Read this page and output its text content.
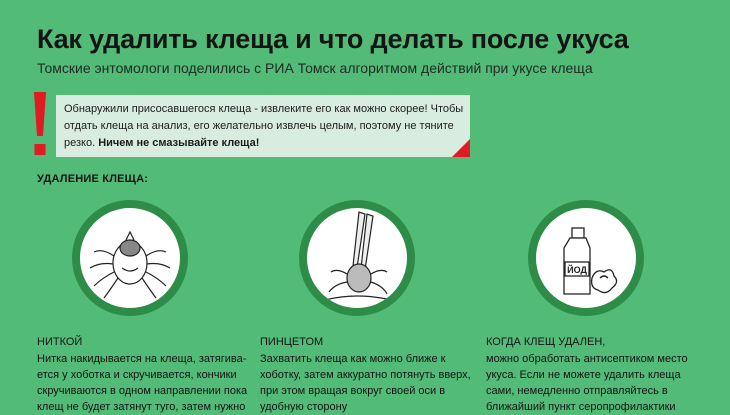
Как удалить клеща и что делать после укуса
Томские энтомологи поделились с РИА Томск алгоритмом действий при укусе клеща
Обнаружили присосавшегося клеща - извлеките его как можно скорее! Чтобы отдать клеща на анализ, его желательно извлечь целым, поэтому не тяните резко. Ничем не смазывайте клеща!
УДАЛЕНИЕ КЛЕЩА:
НИТКОЙ
Нитка накидывается на клеща, затягива-
ется у хоботка и скручивается, кончики
скручиваются в одном направлении пока
клещ не будет затянут туго, затем нужно
ПИНЦЕТОМ
Захватить клеща как можно ближе к
хоботку, затем аккуратно потянуть вверх,
при этом вращая вокруг своей оси в
удобную сторону
ЙОД
КОГДА КЛЕЩ УДАЛЕН,
можно обработать антисептиком место
укуса. Если не можете удалить клеща
сами, немедленно отправляйтесь в
ближайший пункт серопрофилактики
